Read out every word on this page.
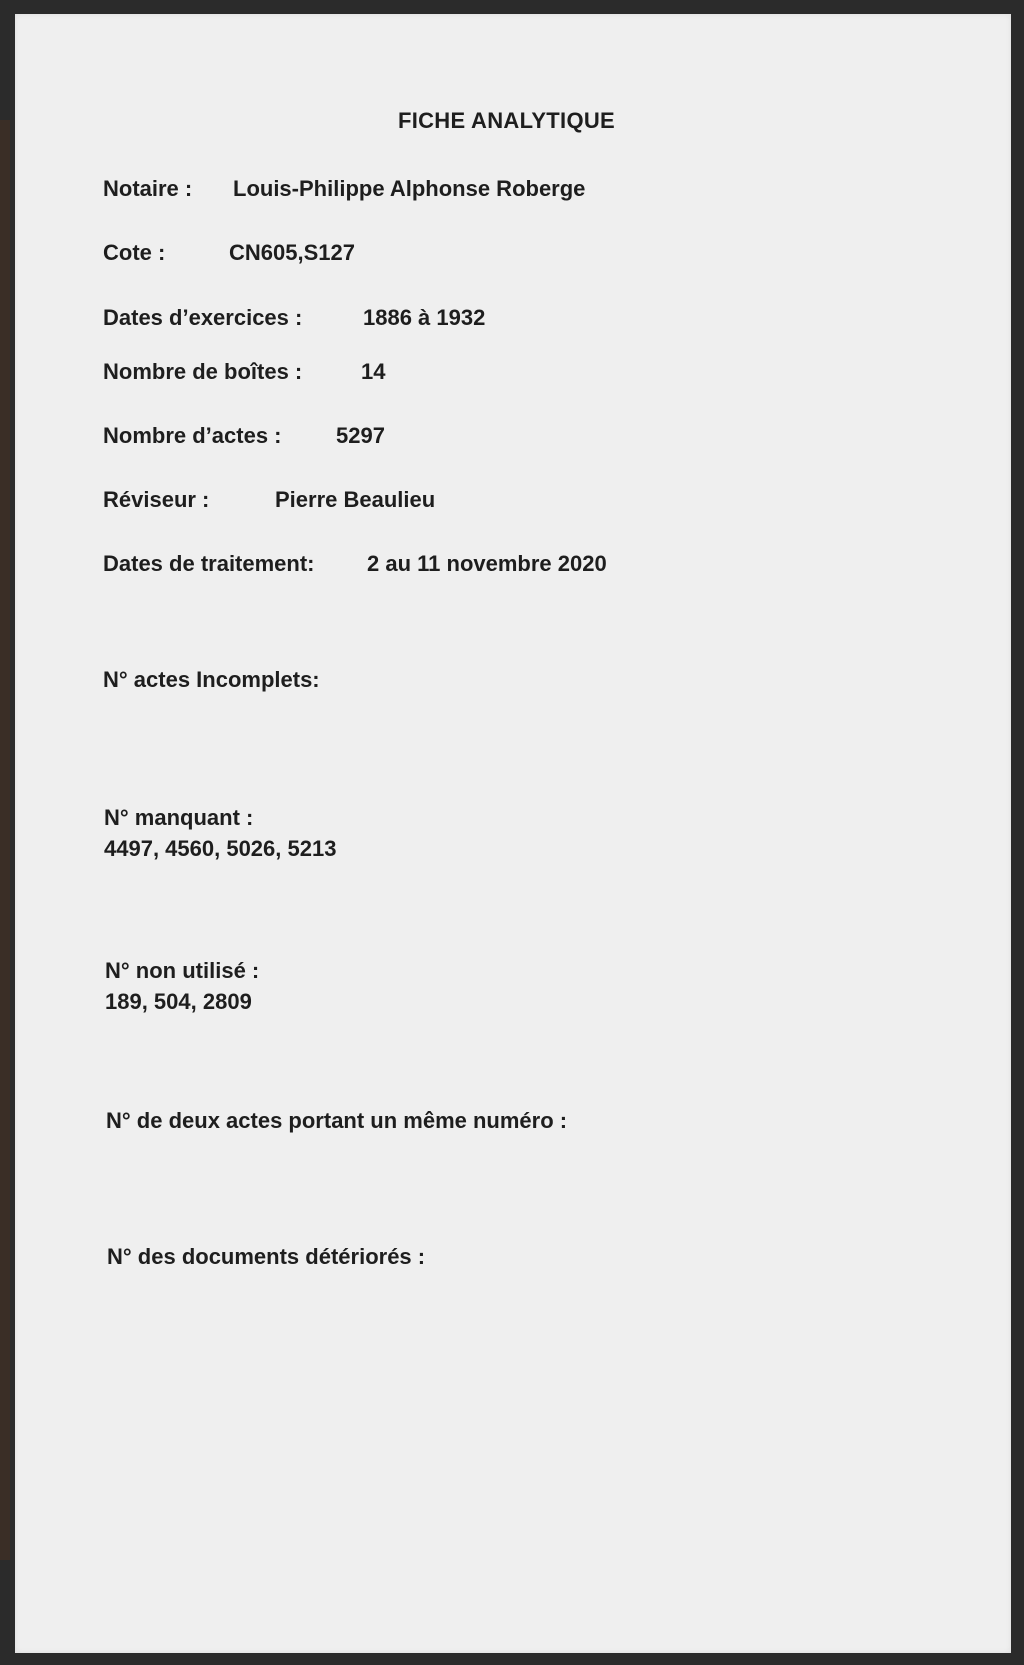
FICHE ANALYTIQUE
Notaire : Louis-Philippe Alphonse Roberge
Cote :	CN605,S127
Dates d’exercices :	1886 à 1932
Nombre de boîtes :	14
Nombre d’actes : 5297
Réviseur :	Pierre Beaulieu
Dates de traitement: 2 au 11 novembre 2020
N° actes Incomplets:
N° manquant :
4497, 4560, 5026, 5213
N° non utilisé :
189, 504, 2809
N° de deux actes portant un même numéro :
N° des documents détériorés :
